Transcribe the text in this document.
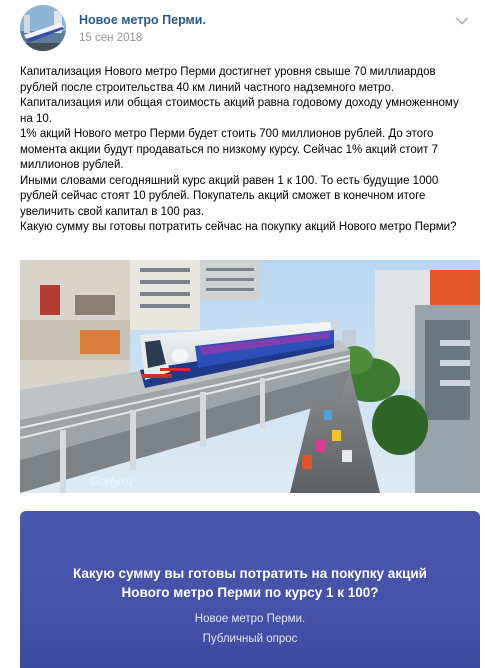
Новое метро Перми.
15 сен 2018

Капитализация Нового метро Перми достигнет уровня свыше 70 миллиардов

рублей после строительства 40 км линий частного надземного метро.

Капитализация или общая стоимость акций равна годовому доходу умноженному

на 10.

1% акций Нового метро Перми будет стоить 700 миллионов рублей. До этого

момента акции будут продаваться по низкому курсу. Сейчас 1% акций стоит 7

миллионов рублей.

Иными словами сегодняшний курс акций равен 1 к 100. То есть будущие 1000

рублей сейчас стоят 10 рублей. Покупатель акций сможет в конечном итоге

увеличить свой капитал в 100 раз.

Какую сумму вы готовы потратить сейчас на покупку акций Нового метро Перми?

Gorfy.ru
Какую сумму вы готовы потратить на покупку акций
Нового метро Перми по курсу 1 к 100?
Новое метро Перми.
Публичный опрос
